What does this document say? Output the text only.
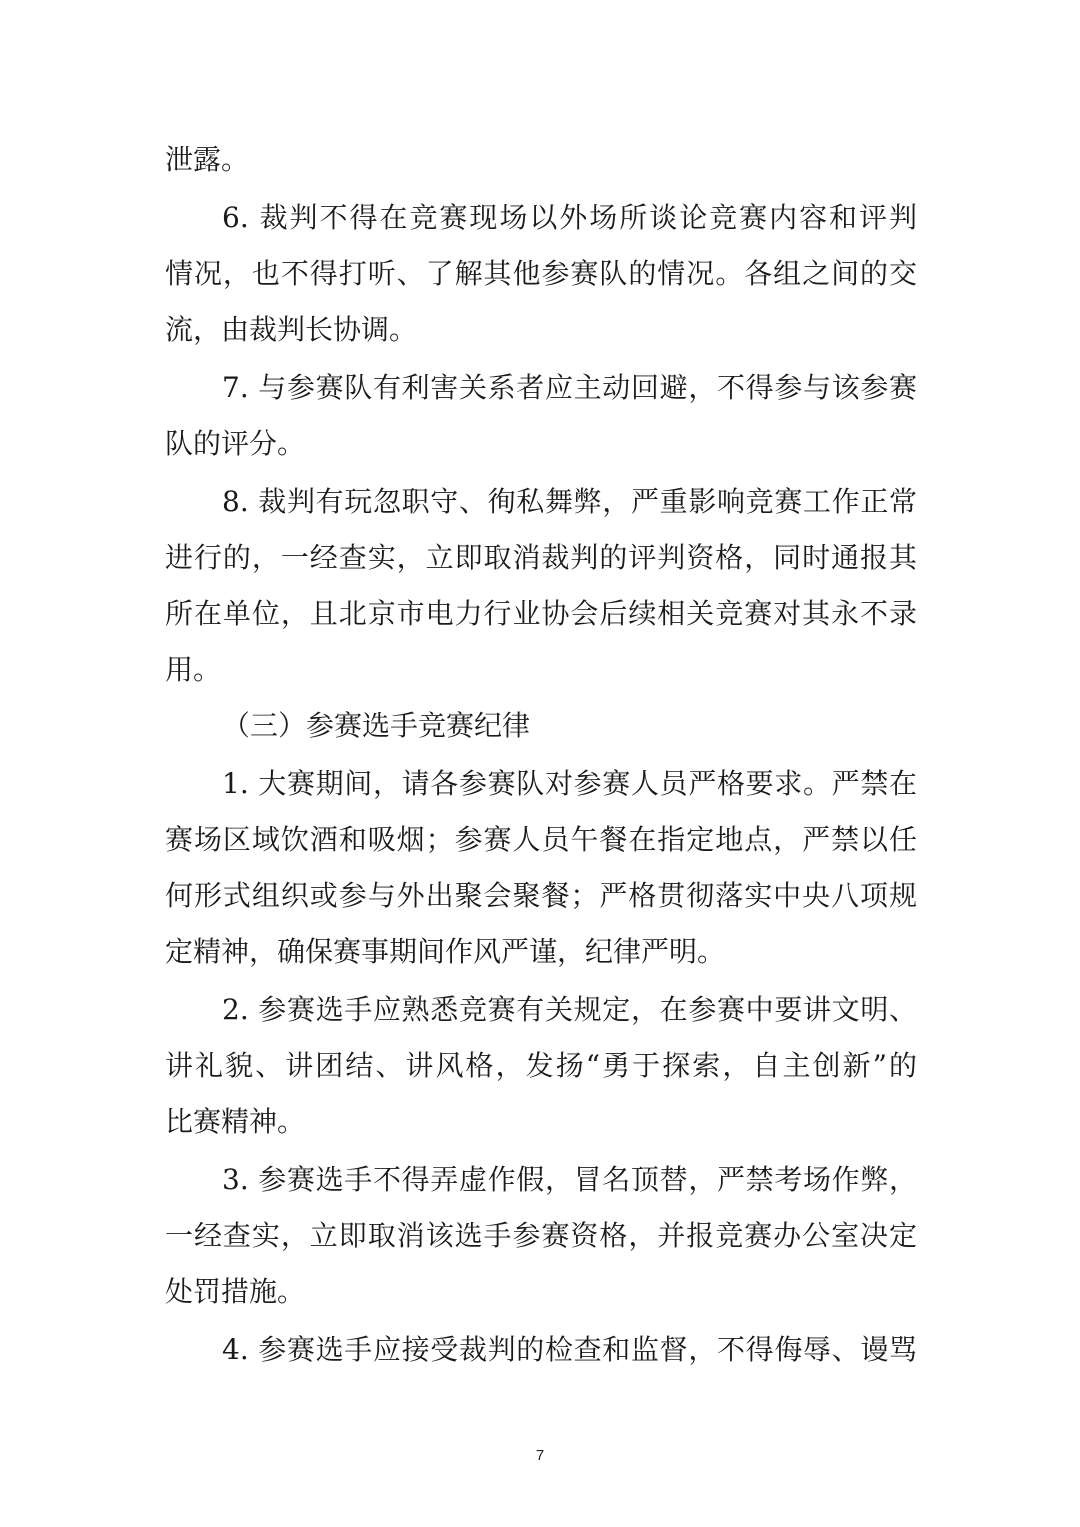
泄露。
6. 裁判不得在竞赛现场以外场所谈论竞赛内容和评判
情况，也不得打听、了解其他参赛队的情况。各组之间的交
流，由裁判长协调。
7. 与参赛队有利害关系者应主动回避，不得参与该参赛
队的评分。
8. 裁判有玩忽职守、徇私舞弊，严重影响竞赛工作正常
进行的，一经查实，立即取消裁判的评判资格，同时通报其
所在单位，且北京市电力行业协会后续相关竞赛对其永不录
用。
（三）参赛选手竞赛纪律
1. 大赛期间，请各参赛队对参赛人员严格要求。严禁在
赛场区域饮酒和吸烟；参赛人员午餐在指定地点，严禁以任
何形式组织或参与外出聚会聚餐；严格贯彻落实中央八项规
定精神，确保赛事期间作风严谨，纪律严明。
2. 参赛选手应熟悉竞赛有关规定，在参赛中要讲文明、
讲礼貌、讲团结、讲风格，发扬“勇于探索，自主创新”的
比赛精神。
3. 参赛选手不得弄虚作假，冒名顶替，严禁考场作弊，
一经查实，立即取消该选手参赛资格，并报竞赛办公室决定
处罚措施。
4. 参赛选手应接受裁判的检查和监督，不得侮辱、谩骂
7
